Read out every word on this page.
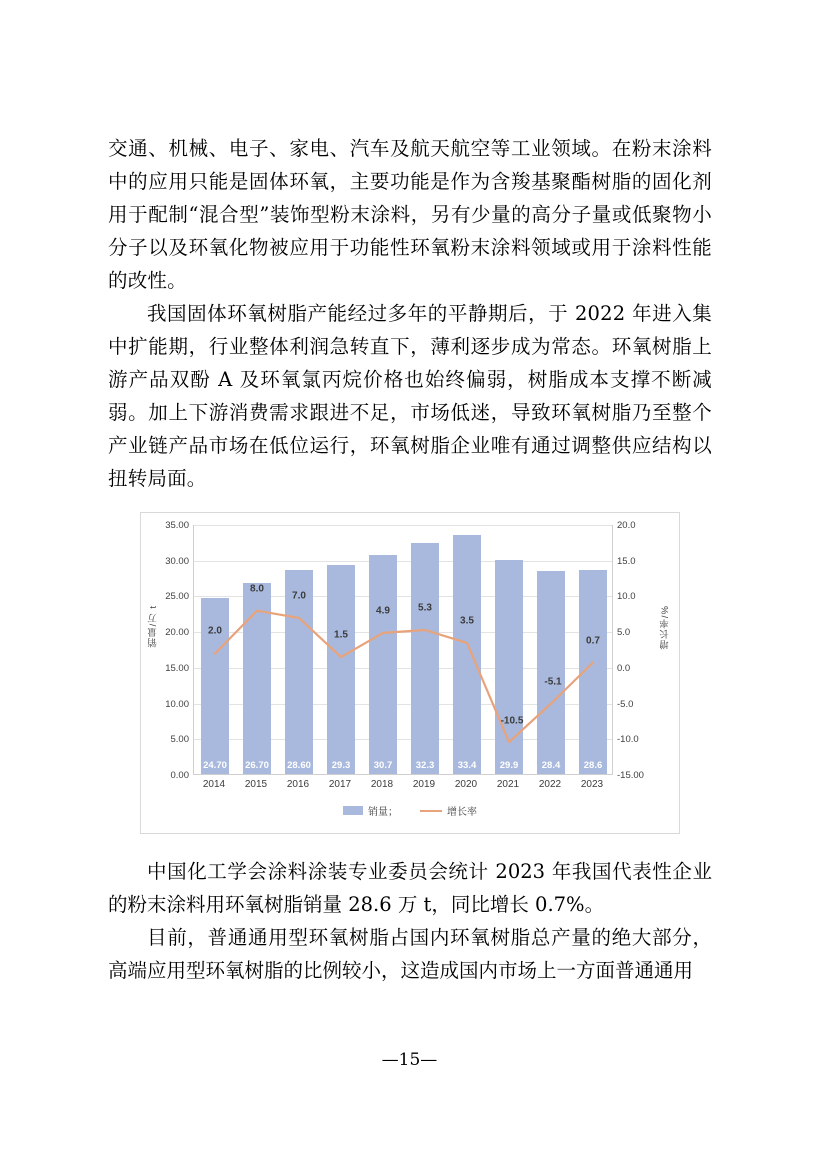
交通、机械、电子、家电、汽车及航天航空等工业领域。在粉末涂料中的应用只能是固体环氧，主要功能是作为含羧基聚酯树脂的固化剂用于配制“混合型”装饰型粉末涂料，另有少量的高分子量或低聚物小分子以及环氧化物被应用于功能性环氧粉末涂料领域或用于涂料性能的改性。

我国固体环氧树脂产能经过多年的平静期后，于 2022 年进入集中扩能期，行业整体利润急转直下，薄利逐步成为常态。环氧树脂上游产品双酚 A 及环氧氯丙烷价格也始终偏弱，树脂成本支撑不断减弱。加上下游消费需求跟进不足，市场低迷，导致环氧树脂乃至整个产业链产品市场在低位运行，环氧树脂企业唯有通过调整供应结构以扭转局面。

销量/万 t	增长率/%
0.00
5.00
10.00
15.00
20.00
25.00
30.00
35.00
-15.00
-10.0
-5.0
0.0
5.0
10.0
15.0
20.0
24.70	26.70	28.60	29.3	30.7	32.3	33.4	29.9	28.4	28.6
2.0
8.0
7.0
1.5
4.9	5.3
3.5
-10.5
-5.1
0.7
2014	2015	2016	2017	2018	2019	2020	2021	2022	2023
销量；	增长率

中国化工学会涂料涂装专业委员会统计 2023 年我国代表性企业的粉末涂料用环氧树脂销量 28.6 万 t，同比增长 0.7%。

目前，普通通用型环氧树脂占国内环氧树脂总产量的绝大部分，高端应用型环氧树脂的比例较小，这造成国内市场上一方面普通通用

—15—
